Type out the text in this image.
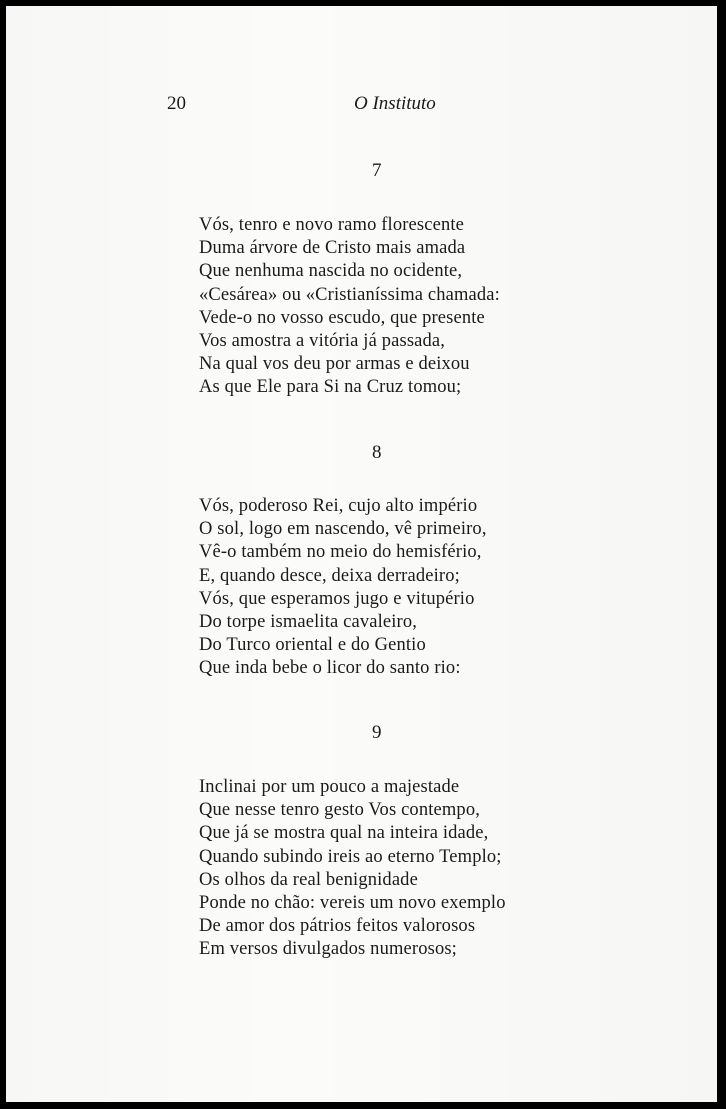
20	O Instituto
7
Vós, tenro e novo ramo florescente
Duma árvore de Cristo mais amada
Que nenhuma nascida no ocidente,
«Cesárea» ou «Cristianíssima chamada:
Vede-o no vosso escudo, que presente
Vos amostra a vitória já passada,
Na qual vos deu por armas e deixou
As que Ele para Si na Cruz tomou;
8
Vós, poderoso Rei, cujo alto império
O sol, logo em nascendo, vê primeiro,
Vê-o também no meio do hemisfério,
E, quando desce, deixa derradeiro;
Vós, que esperamos jugo e vitupério
Do torpe ismaelita cavaleiro,
Do Turco oriental e do Gentio
Que inda bebe o licor do santo rio:
9
Inclinai por um pouco a majestade
Que nesse tenro gesto Vos contempo,
Que já se mostra qual na inteira idade,
Quando subindo ireis ao eterno Templo;
Os olhos da real benignidade
Ponde no chão: vereis um novo exemplo
De amor dos pátrios feitos valorosos
Em versos divulgados numerosos;
